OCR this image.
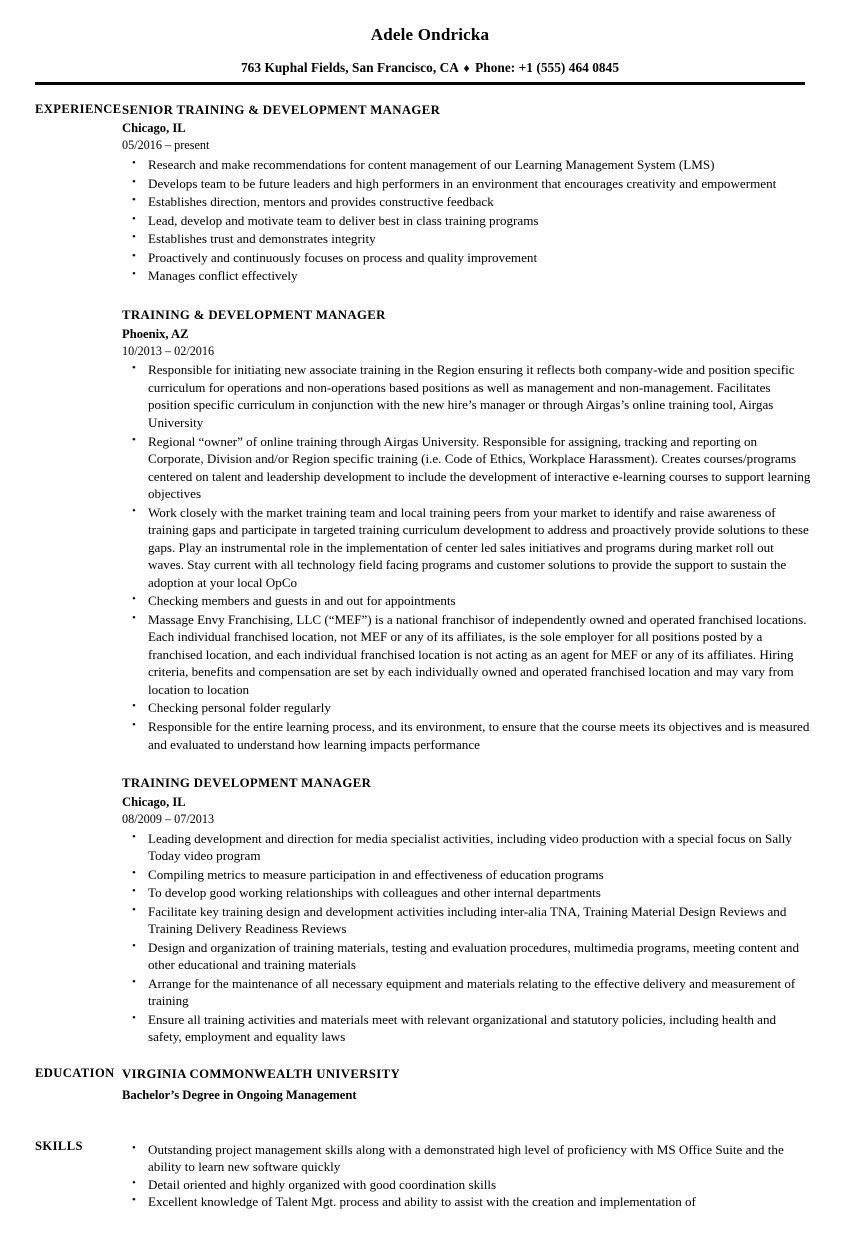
Adele Ondricka
763 Kuphal Fields, San Francisco, CA ♦ Phone: +1 (555) 464 0845
EXPERIENCE SENIOR TRAINING & DEVELOPMENT MANAGER
Chicago, IL
05/2016 – present
• Research and make recommendations for content management of our Learning Management System (LMS)
• Develops team to be future leaders and high performers in an environment that encourages creativity and empowerment
• Establishes direction, mentors and provides constructive feedback
• Lead, develop and motivate team to deliver best in class training programs
• Establishes trust and demonstrates integrity
• Proactively and continuously focuses on process and quality improvement
• Manages conflict effectively
TRAINING & DEVELOPMENT MANAGER
Phoenix, AZ
10/2013 – 02/2016
• Responsible for initiating new associate training in the Region ensuring it reflects both company-wide and position specific curriculum for operations and non-operations based positions as well as management and non-management. Facilitates position specific curriculum in conjunction with the new hire’s manager or through Airgas’s online training tool, Airgas University
• Regional “owner” of online training through Airgas University. Responsible for assigning, tracking and reporting on Corporate, Division and/or Region specific training (i.e. Code of Ethics, Workplace Harassment). Creates courses/programs centered on talent and leadership development to include the development of interactive e-learning courses to support learning objectives
• Work closely with the market training team and local training peers from your market to identify and raise awareness of training gaps and participate in targeted training curriculum development to address and proactively provide solutions to these gaps. Play an instrumental role in the implementation of center led sales initiatives and programs during market roll out waves. Stay current with all technology field facing programs and customer solutions to provide the support to sustain the adoption at your local OpCo
• Checking members and guests in and out for appointments
• Massage Envy Franchising, LLC (“MEF”) is a national franchisor of independently owned and operated franchised locations. Each individual franchised location, not MEF or any of its affiliates, is the sole employer for all positions posted by a franchised location, and each individual franchised location is not acting as an agent for MEF or any of its affiliates. Hiring criteria, benefits and compensation are set by each individually owned and operated franchised location and may vary from location to location
• Checking personal folder regularly
• Responsible for the entire learning process, and its environment, to ensure that the course meets its objectives and is measured and evaluated to understand how learning impacts performance
TRAINING DEVELOPMENT MANAGER
Chicago, IL
08/2009 – 07/2013
• Leading development and direction for media specialist activities, including video production with a special focus on Sally Today video program
• Compiling metrics to measure participation in and effectiveness of education programs
• To develop good working relationships with colleagues and other internal departments
• Facilitate key training design and development activities including inter-alia TNA, Training Material Design Reviews and Training Delivery Readiness Reviews
• Design and organization of training materials, testing and evaluation procedures, multimedia programs, meeting content and other educational and training materials
• Arrange for the maintenance of all necessary equipment and materials relating to the effective delivery and measurement of training
• Ensure all training activities and materials meet with relevant organizational and statutory policies, including health and safety, employment and equality laws
EDUCATION VIRGINIA COMMONWEALTH UNIVERSITY
Bachelor’s Degree in Ongoing Management
SKILLS	• Outstanding project management skills along with a demonstrated high level of proficiency with MS Office Suite and the ability to learn new software quickly
• Detail oriented and highly organized with good coordination skills
• Excellent knowledge of Talent Mgt. process and ability to assist with the creation and implementation of
